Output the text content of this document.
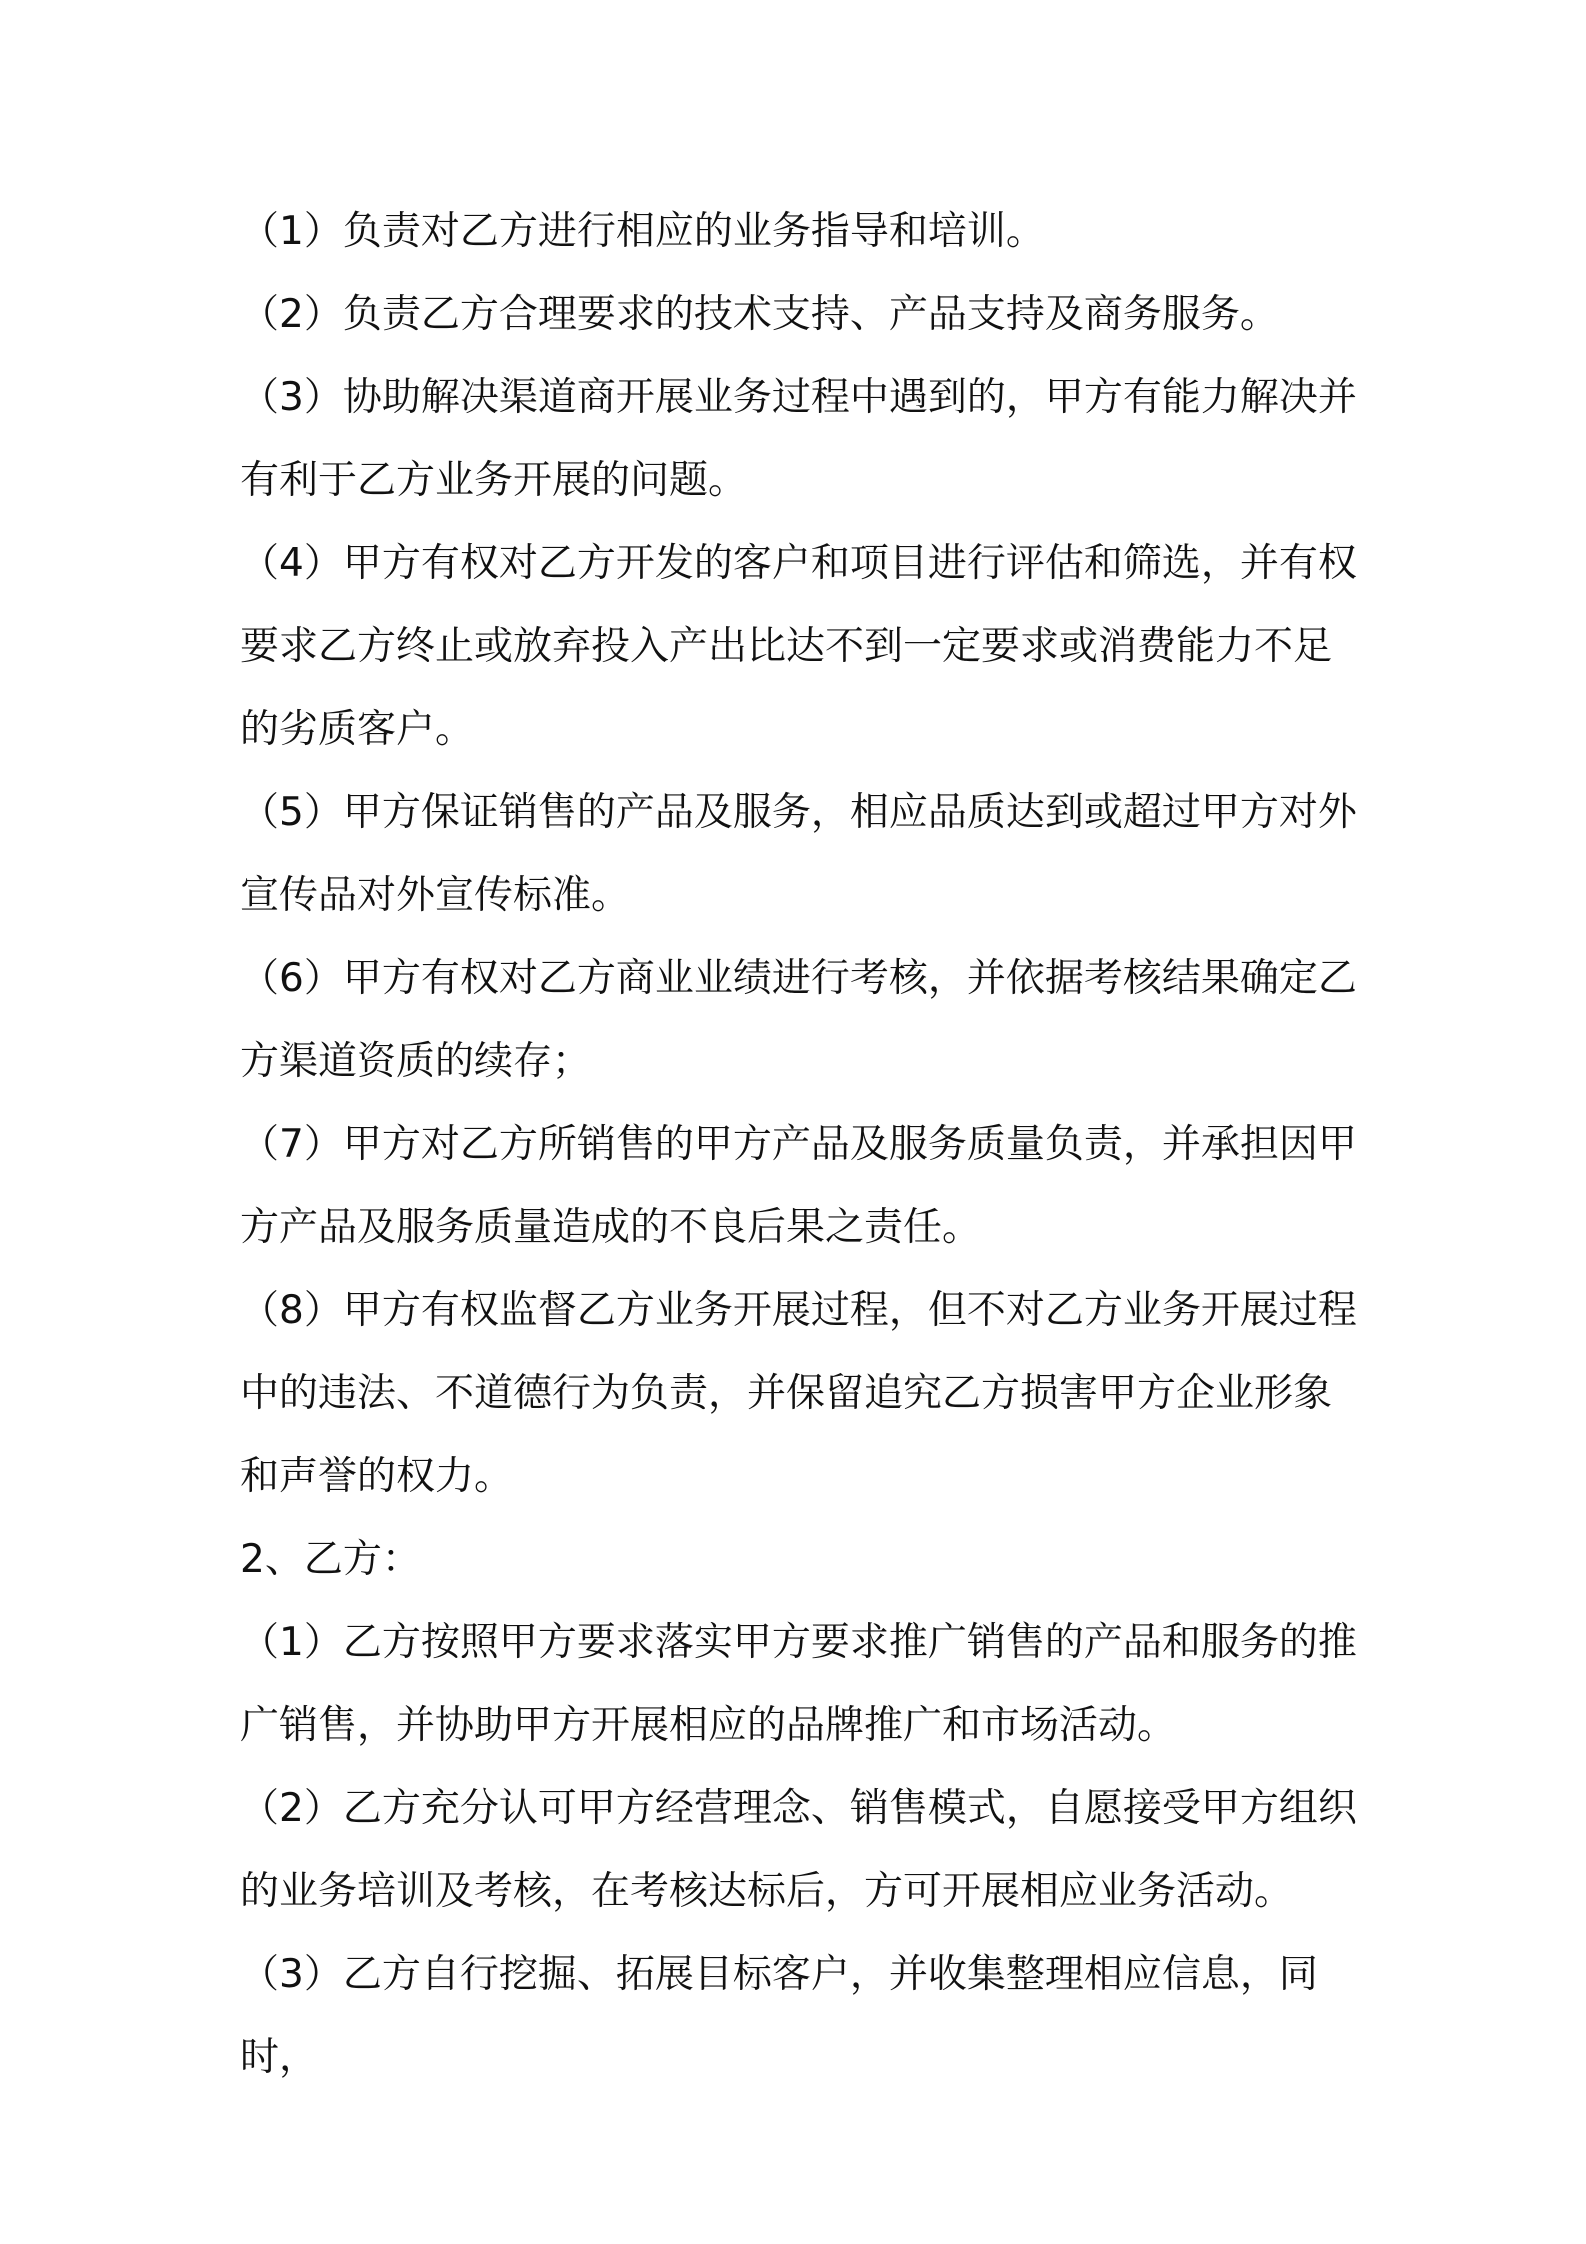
（1）负责对乙方进行相应的业务指导和培训。

（2）负责乙方合理要求的技术支持、产品支持及商务服务。

（3）协助解决渠道商开展业务过程中遇到的，甲方有能力解决并有利于乙方业务开展的问题。

（4）甲方有权对乙方开发的客户和项目进行评估和筛选，并有权要求乙方终止或放弃投入产出比达不到一定要求或消费能力不足的劣质客户。

（5）甲方保证销售的产品及服务，相应品质达到或超过甲方对外宣传品对外宣传标准。

（6）甲方有权对乙方商业业绩进行考核，并依据考核结果确定乙方渠道资质的续存；

（7）甲方对乙方所销售的甲方产品及服务质量负责，并承担因甲方产品及服务质量造成的不良后果之责任。

（8）甲方有权监督乙方业务开展过程，但不对乙方业务开展过程中的违法、不道德行为负责，并保留追究乙方损害甲方企业形象和声誉的权力。

2、乙方：

（1）乙方按照甲方要求落实甲方要求推广销售的产品和服务的推广销售，并协助甲方开展相应的品牌推广和市场活动。

（2）乙方充分认可甲方经营理念、销售模式，自愿接受甲方组织的业务培训及考核，在考核达标后，方可开展相应业务活动。

（3）乙方自行挖掘、拓展目标客户，并收集整理相应信息，同时，
